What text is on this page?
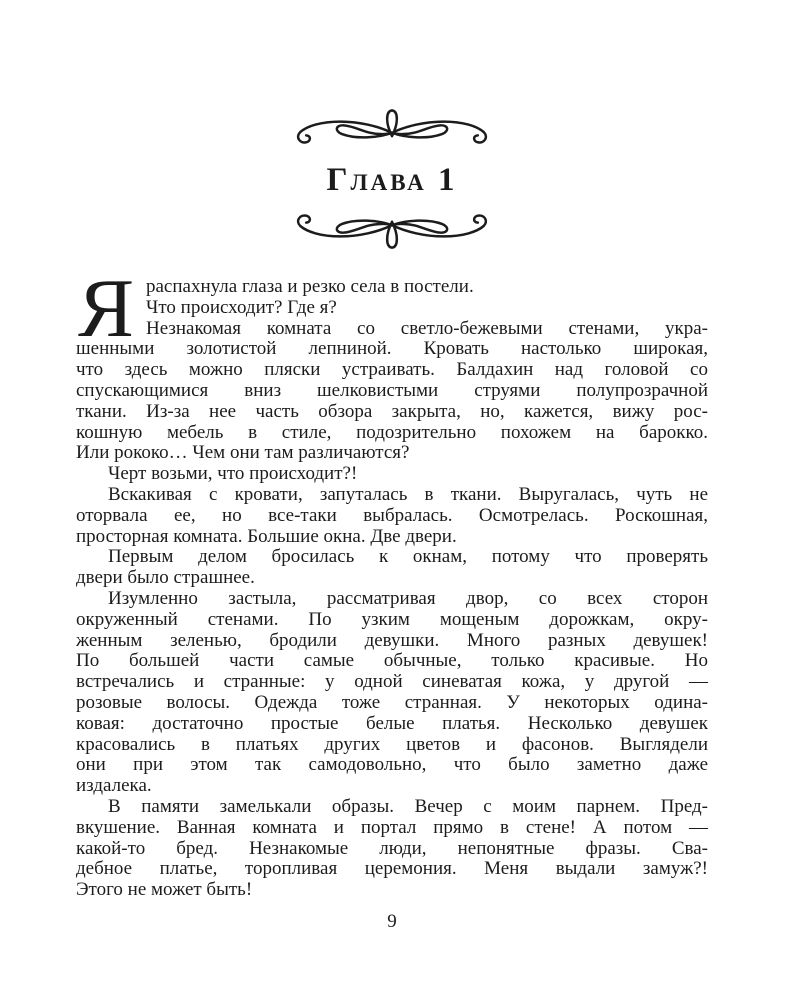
Глава 1
Я распахнула глаза и резко села в постели.
Что происходит? Где я?
Незнакомая комната со светло-бежевыми стенами, укра-
шенными золотистой лепниной. Кровать настолько широкая,
что здесь можно пляски устраивать. Балдахин над головой со
спускающимися вниз шелковистыми струями полупрозрачной
ткани. Из-за нее часть обзора закрыта, но, кажется, вижу рос-
кошную мебель в стиле, подозрительно похожем на барокко.
Или рококо… Чем они там различаются?
Черт возьми, что происходит?!
Вскакивая с кровати, запуталась в ткани. Выругалась, чуть не
оторвала ее, но все-таки выбралась. Осмотрелась. Роскошная,
просторная комната. Большие окна. Две двери.
Первым делом бросилась к окнам, потому что проверять
двери было страшнее.
Изумленно застыла, рассматривая двор, со всех сторон
окруженный стенами. По узким мощеным дорожкам, окру-
женным зеленью, бродили девушки. Много разных девушек!
По большей части самые обычные, только красивые. Но
встречались и странные: у одной синеватая кожа, у другой —
розовые волосы. Одежда тоже странная. У некоторых одина-
ковая: достаточно простые белые платья. Несколько девушек
красовались в платьях других цветов и фасонов. Выглядели
они при этом так самодовольно, что было заметно даже
издалека.
В памяти замелькали образы. Вечер с моим парнем. Пред-
вкушение. Ванная комната и портал прямо в стене! А потом —
какой-то бред. Незнакомые люди, непонятные фразы. Сва-
дебное платье, торопливая церемония. Меня выдали замуж?!
Этого не может быть!
9
